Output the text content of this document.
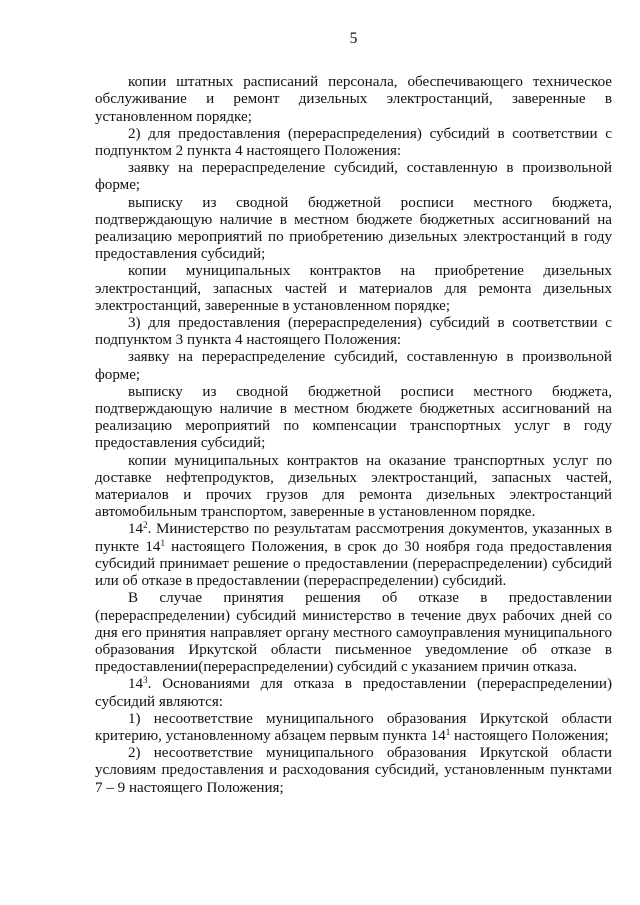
5

копии штатных расписаний персонала, обеспечивающего техническое обслуживание и ремонт дизельных электростанций, заверенные в установленном порядке;

2) для предоставления (перераспределения) субсидий в соответствии с подпунктом 2 пункта 4 настоящего Положения:

заявку на перераспределение субсидий, составленную в произвольной форме;

выписку из сводной бюджетной росписи местного бюджета, подтверждающую наличие в местном бюджете бюджетных ассигнований на реализацию мероприятий по приобретению дизельных электростанций в году предоставления субсидий;

копии муниципальных контрактов на приобретение дизельных электростанций, запасных частей и материалов для ремонта дизельных электростанций, заверенные в установленном порядке;

3) для предоставления (перераспределения) субсидий в соответствии с подпунктом 3 пункта 4 настоящего Положения:

заявку на перераспределение субсидий, составленную в произвольной форме;

выписку из сводной бюджетной росписи местного бюджета, подтверждающую наличие в местном бюджете бюджетных ассигнований на реализацию мероприятий по компенсации транспортных услуг в году предоставления субсидий;

копии муниципальных контрактов на оказание транспортных услуг по доставке нефтепродуктов, дизельных электростанций, запасных частей, материалов и прочих грузов для ремонта дизельных электростанций автомобильным транспортом, заверенные в установленном порядке.

$14^2$. Министерство по результатам рассмотрения документов, указанных в пункте $14^1$ настоящего Положения, в срок до 30 ноября года предоставления субсидий принимает решение о предоставлении (перераспределении) субсидий или об отказе в предоставлении (перераспределении) субсидий.

В случае принятия решения об отказе в предоставлении (перераспределении) субсидий министерство в течение двух рабочих дней со дня его принятия направляет органу местного самоуправления муниципального образования Иркутской области письменное уведомление об отказе в предоставлении(перераспределении) субсидий с указанием причин отказа.

$14^3$. Основаниями для отказа в предоставлении (перераспределении) субсидий являются:

1) несоответствие муниципального образования Иркутской области критерию, установленному абзацем первым пункта $14^1$ настоящего Положения;

2) несоответствие муниципального образования Иркутской области условиям предоставления и расходования субсидий, установленным пунктами 7 – 9 настоящего Положения;
